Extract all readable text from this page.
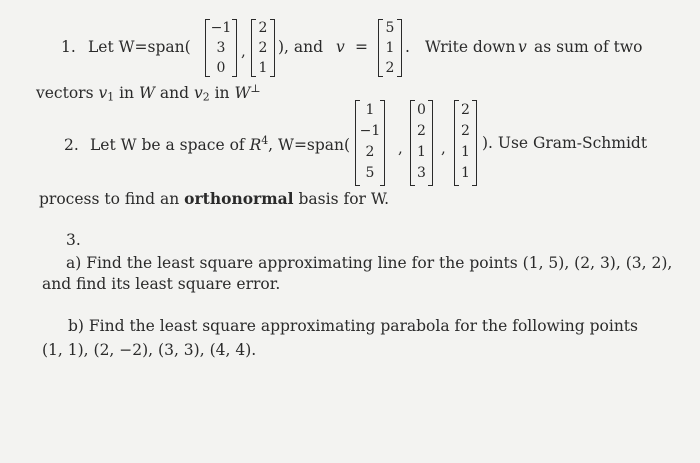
1. Let W=span(
−1
3
0
,
2
2
1
), and v =
5
1
2
. Write down v as sum of two
vectors $v_1$ in W and $v_2$ in W⊥
2. Let W be a space of $R^4$, W=span(
1
−1
2
5
,
0
2
1
3
,
2
2
1
1
). Use Gram-Schmidt
process to find an orthonormal basis for W.
3.
a) Find the least square approximating line for the points (1, 5), (2, 3), (3, 2),
and find its least square error.
b) Find the least square approximating parabola for the following points
(1, 1), (2, −2), (3, 3), (4, 4).
